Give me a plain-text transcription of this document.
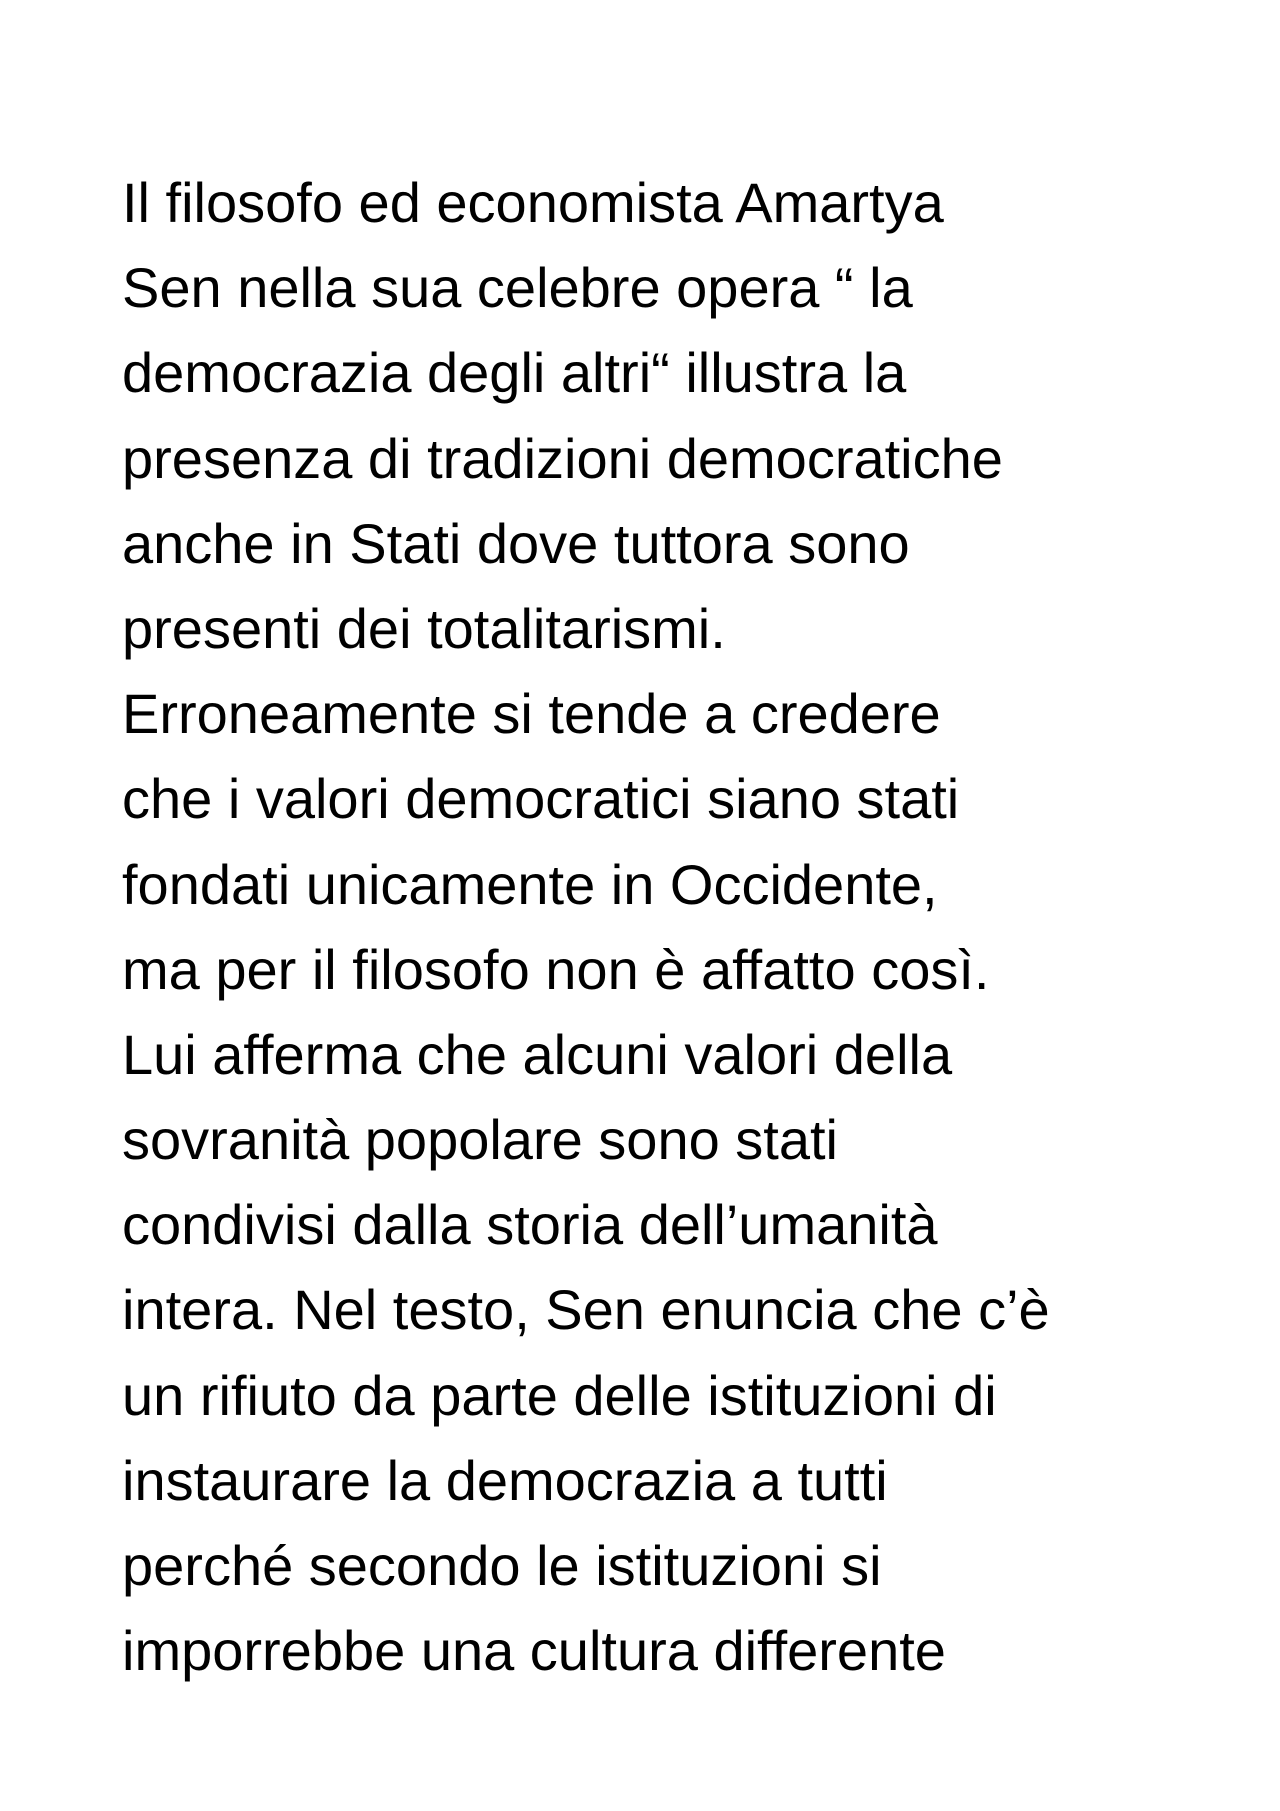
Il filosofo ed economista Amartya
Sen nella sua celebre opera “ la
democrazia degli altri“ illustra la
presenza di tradizioni democratiche
anche in Stati dove tuttora sono
presenti dei totalitarismi.
Erroneamente si tende a credere
che i valori democratici siano stati
fondati unicamente in Occidente,
ma per il filosofo non è affatto così.
Lui afferma che alcuni valori della
sovranità popolare sono stati
condivisi dalla storia dell’umanità
intera. Nel testo, Sen enuncia che c’è
un rifiuto da parte delle istituzioni di
instaurare la democrazia a tutti
perché secondo le istituzioni si
imporrebbe una cultura differente
